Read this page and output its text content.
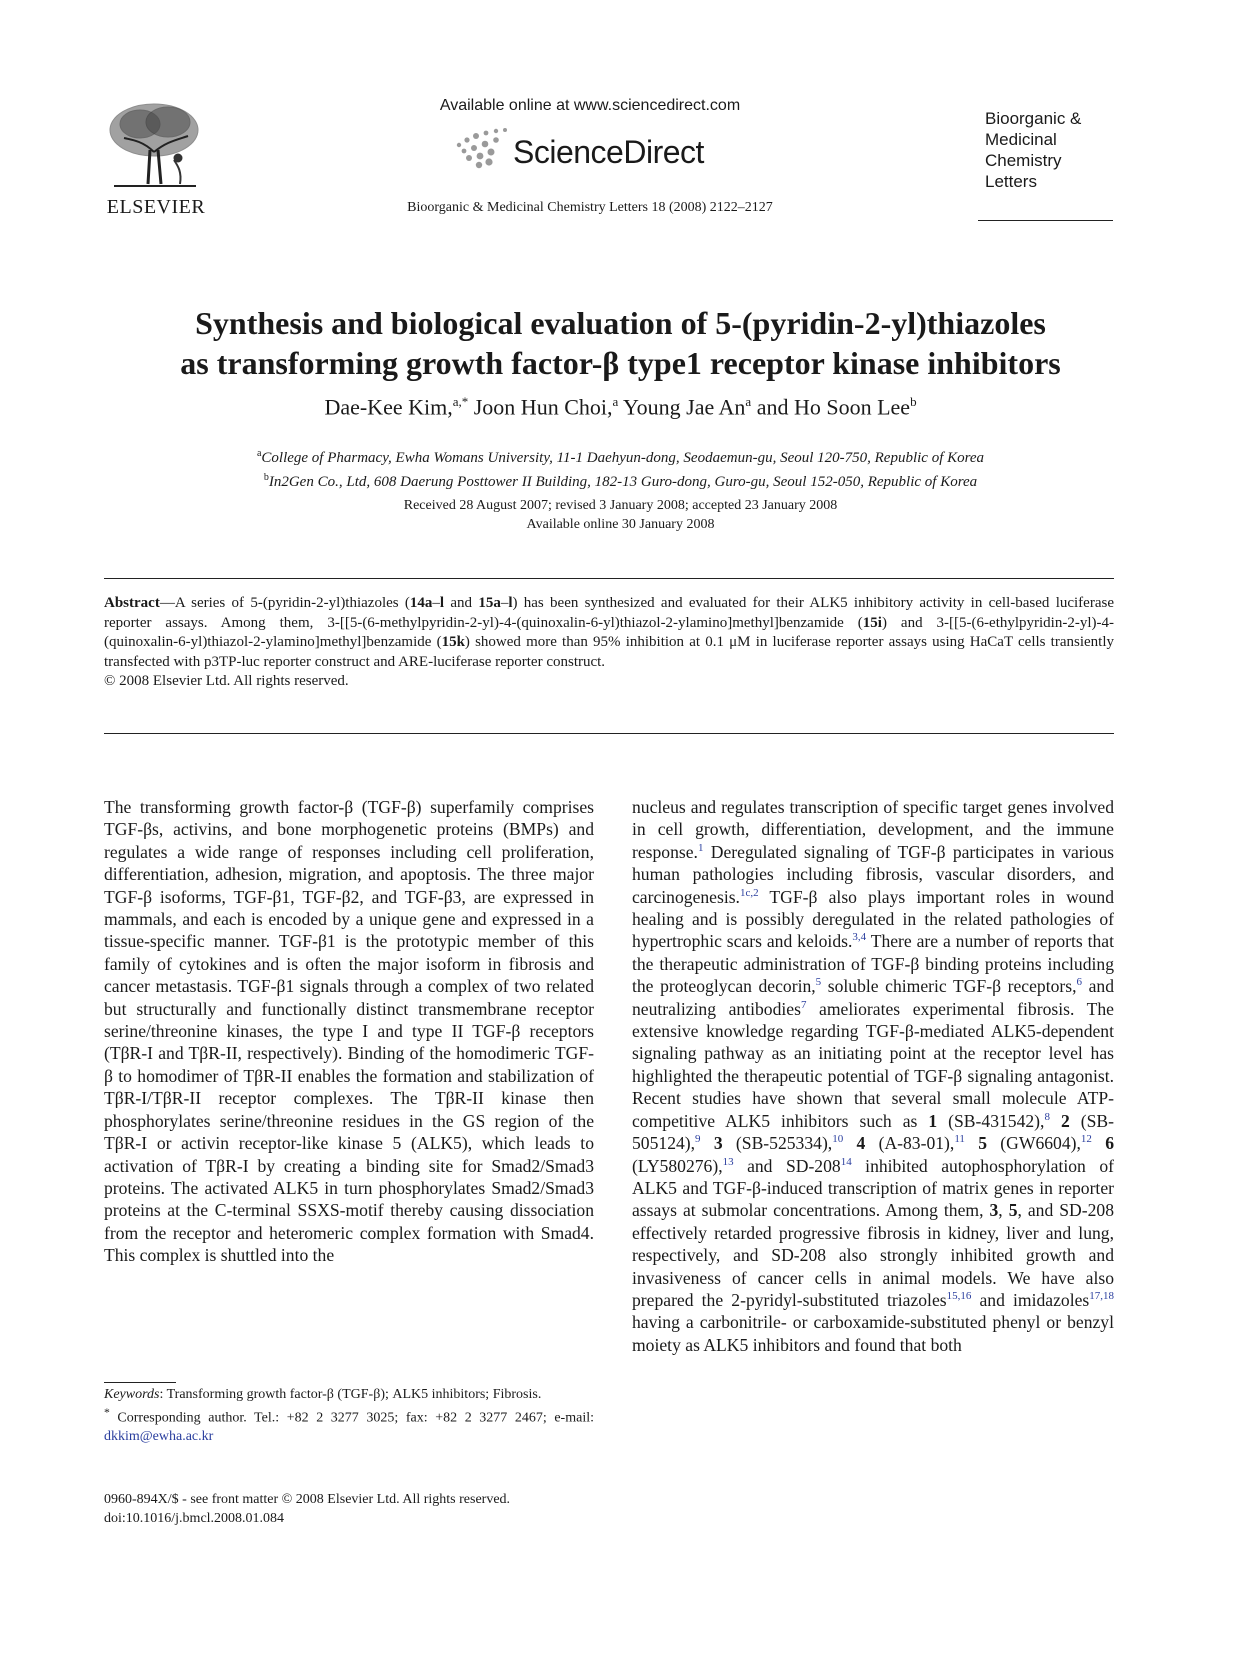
ELSEVIER
Available online at www.sciencedirect.com
ScienceDirect
Bioorganic & Medicinal Chemistry Letters 18 (2008) 2122–2127
Bioorganic &
Medicinal
Chemistry
Letters
Synthesis and biological evaluation of 5-(pyridin-2-yl)thiazoles
as transforming growth factor-β type1 receptor kinase inhibitors
Dae-Kee Kim,$^{a,*}$ Joon Hun Choi,$^a$ Young Jae An$^a$ and Ho Soon Lee$^b$
$^a$College of Pharmacy, Ewha Womans University, 11-1 Daehyun-dong, Seodaemun-gu, Seoul 120-750, Republic of Korea
$^b$In2Gen Co., Ltd, 608 Daerung Posttower II Building, 182-13 Guro-dong, Guro-gu, Seoul 152-050, Republic of Korea
Received 28 August 2007; revised 3 January 2008; accepted 23 January 2008
Available online 30 January 2008

Abstract—A series of 5-(pyridin-2-yl)thiazoles (14a–l and 15a–l) has been synthesized and evaluated for their ALK5 inhibitory activity in cell-based luciferase reporter assays. Among them, 3-[[5-(6-methylpyridin-2-yl)-4-(quinoxalin-6-yl)thiazol-2-ylamino]methyl]benzamide (15i) and 3-[[5-(6-ethylpyridin-2-yl)-4-(quinoxalin-6-yl)thiazol-2-ylamino]methyl]benzamide (15k) showed more than 95% inhibition at 0.1 μM in luciferase reporter assays using HaCaT cells transiently transfected with p3TP-luc reporter construct and ARE-luciferase reporter construct.

© 2008 Elsevier Ltd. All rights reserved.

The transforming growth factor-β (TGF-β) superfamily comprises TGF-βs, activins, and bone morphogenetic proteins (BMPs) and regulates a wide range of responses including cell proliferation, differentiation, adhesion, migration, and apoptosis. The three major TGF-β isoforms, TGF-β1, TGF-β2, and TGF-β3, are expressed in mammals, and each is encoded by a unique gene and expressed in a tissue-specific manner. TGF-β1 is the prototypic member of this family of cytokines and is often the major isoform in fibrosis and cancer metastasis. TGF-β1 signals through a complex of two related but structurally and functionally distinct transmembrane receptor serine/threonine kinases, the type I and type II TGF-β receptors (TβR-I and TβR-II, respectively). Binding of the homodimeric TGF-β to homodimer of TβR-II enables the formation and stabilization of TβR-I/TβR-II receptor complexes. The TβR-II kinase then phosphorylates serine/threonine residues in the GS region of the TβR-I or activin receptor-like kinase 5 (ALK5), which leads to activation of TβR-I by creating a binding site for Smad2/Smad3 proteins. The activated ALK5 in turn phosphorylates Smad2/Smad3 proteins at the C-terminal SSXS-motif thereby causing dissociation from the receptor and heteromeric complex formation with Smad4. This complex is shuttled into the

nucleus and regulates transcription of specific target genes involved in cell growth, differentiation, development, and the immune response.$^1$ Deregulated signaling of TGF-β participates in various human pathologies including fibrosis, vascular disorders, and carcinogenesis.$^{1c,2}$ TGF-β also plays important roles in wound healing and is possibly deregulated in the related pathologies of hypertrophic scars and keloids.$^{3,4}$ There are a number of reports that the therapeutic administration of TGF-β binding proteins including the proteoglycan decorin,$^5$ soluble chimeric TGF-β receptors,$^6$ and neutralizing antibodies$^7$ ameliorates experimental fibrosis. The extensive knowledge regarding TGF-β-mediated ALK5-dependent signaling pathway as an initiating point at the receptor level has highlighted the therapeutic potential of TGF-β signaling antagonist. Recent studies have shown that several small molecule ATP-competitive ALK5 inhibitors such as 1 (SB-431542),$^8$ 2 (SB-505124),$^9$ 3 (SB-525334),$^{10}$ 4 (A-83-01),$^{11}$ 5 (GW6604),$^{12}$ 6 (LY580276),$^{13}$ and SD-208$^{14}$ inhibited autophosphorylation of ALK5 and TGF-β-induced transcription of matrix genes in reporter assays at submolar concentrations. Among them, 3, 5, and SD-208 effectively retarded progressive fibrosis in kidney, liver and lung, respectively, and SD-208 also strongly inhibited growth and invasiveness of cancer cells in animal models. We have also prepared the 2-pyridyl-substituted triazoles$^{15,16}$ and imidazoles$^{17,18}$ having a carbonitrile- or carboxamide-substituted phenyl or benzyl moiety as ALK5 inhibitors and found that both

Keywords: Transforming growth factor-β (TGF-β); ALK5 inhibitors; Fibrosis.

* Corresponding author. Tel.: +82 2 3277 3025; fax: +82 2 3277 2467; e-mail: dkkim@ewha.ac.kr

0960-894X/$ - see front matter © 2008 Elsevier Ltd. All rights reserved.
doi:10.1016/j.bmcl.2008.01.084
